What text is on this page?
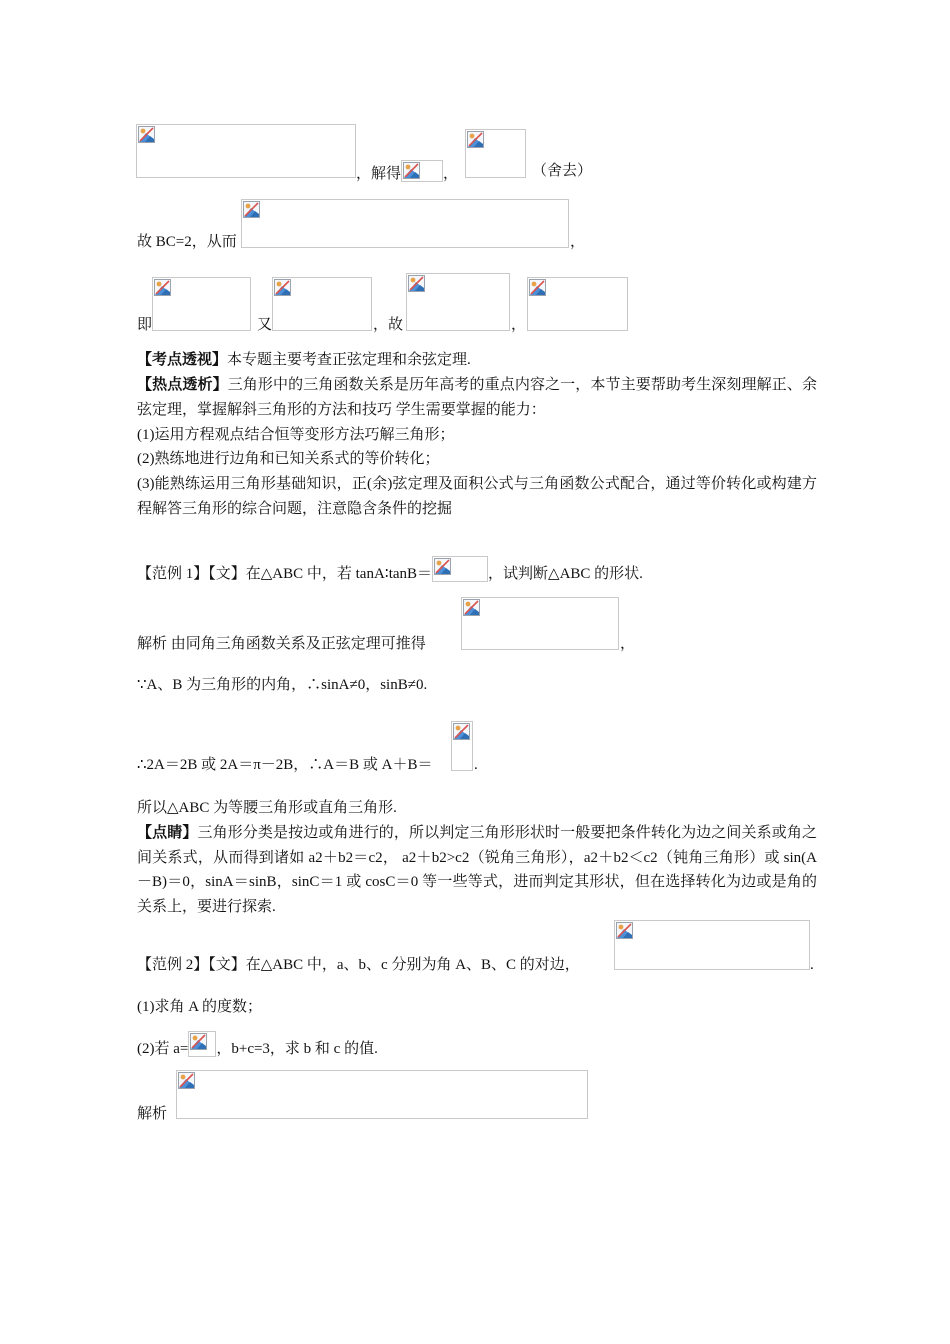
，解得	，	（舍去）
故 BC=2，从而	，
即	又	，故	，
【考点透视】本专题主要考查正弦定理和余弦定理.
【热点透析】三角形中的三角函数关系是历年高考的重点内容之一，本节主要帮助考生深刻理解正、余弦定理，掌握解斜三角形的方法和技巧 学生需要掌握的能力：
(1)运用方程观点结合恒等变形方法巧解三角形；
(2)熟练地进行边角和已知关系式的等价转化；
(3)能熟练运用三角形基础知识，正(余)弦定理及面积公式与三角函数公式配合，通过等价转化或构建方程解答三角形的综合问题，注意隐含条件的挖掘
【范例 1】【文】在△ABC 中，若 tanA∶tanB＝	，试判断△ABC 的形状.
解析 由同角三角函数关系及正弦定理可推得	，
∵A、B 为三角形的内角，∴sinA≠0，sinB≠0.
∴2A＝2B 或 2A＝π－2B，∴A＝B 或 A＋B＝	.
所以△ABC 为等腰三角形或直角三角形.
【点睛】三角形分类是按边或角进行的，所以判定三角形形状时一般要把条件转化为边之间关系或角之间关系式，从而得到诸如 a2＋b2＝c2， a2＋b2>c2（锐角三角形），a2＋b2＜c2（钝角三角形）或 sin(A－B)＝0，sinA＝sinB，sinC＝1 或 cosC＝0 等一些等式，进而判定其形状，但在选择转化为边或是角的关系上，要进行探索.
【范例 2】【文】在△ABC 中，a、b、c 分别为角 A、B、C 的对边，	.
(1)求角 A 的度数；
(2)若 a= ，b+c=3，求 b 和 c 的值.
解析
